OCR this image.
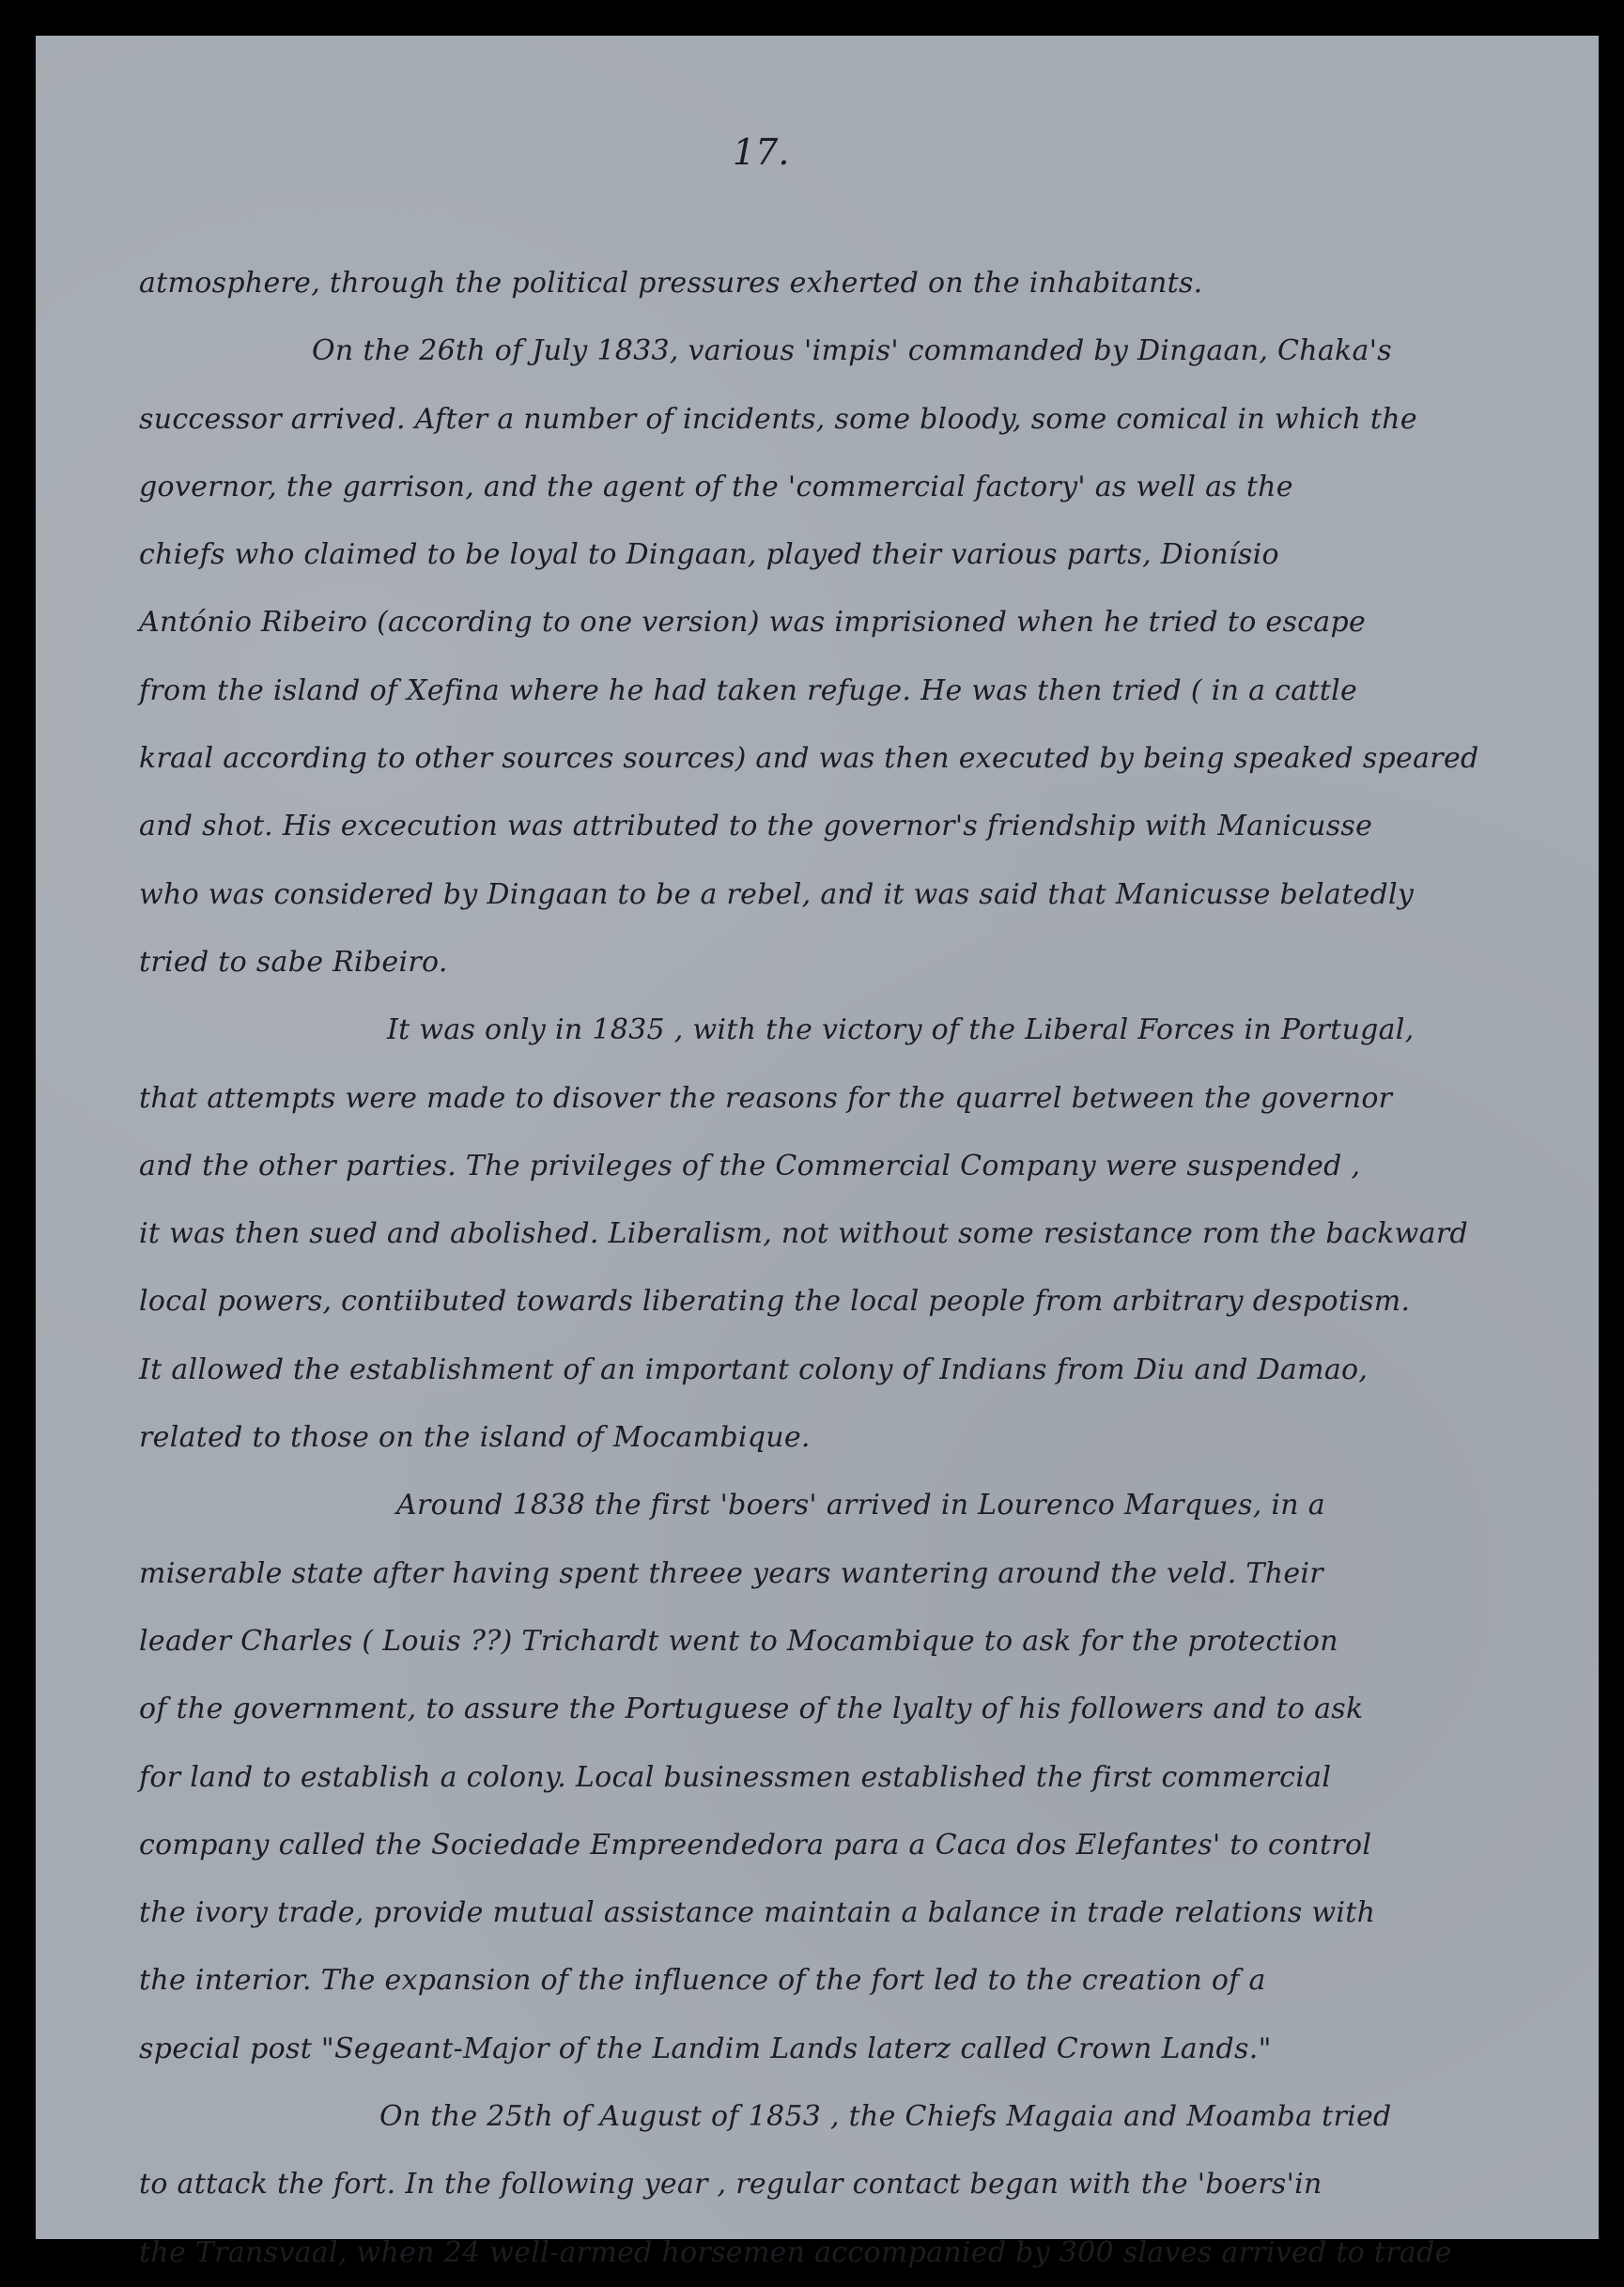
17.

atmosphere, through the political pressures exherted on the inhabitants.
On the 26th of July 1833, various 'impis' commanded by Dingaan, Chaka's
successor arrived. After a number of incidents, some bloody, some comical in which the
governor, the garrison, and the agent of the 'commercial factory' as well as the
chiefs who claimed to be loyal to Dingaan, played their various parts, Dionísio
António Ribeiro (according to one version) was imprisioned when he tried to escape
from the island of Xefina where he had taken refuge. He was then tried ( in a cattle
kraal according to other sources sources) and was then executed by being speaked speared
and shot. His excecution was attributed to the governor's friendship with Manicusse
who was considered by Dingaan to be a rebel, and it was said that Manicusse belatedly
tried to sabe Ribeiro.
It was only in 1835 , with the victory of the Liberal Forces in Portugal,
that attempts were made to disover the reasons for the quarrel between the governor
and the other parties. The privileges of the Commercial Company were suspended ,
it was then sued and abolished. Liberalism, not without some resistance rom the backward
local powers, contiibuted towards liberating the local people from arbitrary despotism.
It allowed the establishment of an important colony of Indians from Diu and Damao,
related to those on the island of Mocambique.
Around 1838 the first 'boers' arrived in Lourenco Marques, in a
miserable state after having spent threee years wantering around the veld. Their
leader Charles ( Louis ??) Trichardt went to Mocambique to ask for the protection
of the government, to assure the Portuguese of the lyalty of his followers and to ask
for land to establish a colony. Local businessmen established the first commercial
company called the Sociedade Empreendedora para a Caca dos Elefantes' to control
the ivory trade, provide mutual assistance maintain a balance in trade relations with
the interior. The expansion of the influence of the fort led to the creation of a
special post "Segeant-Major of the Landim Lands laterz called Crown Lands."
On the 25th of August of 1853 , the Chiefs Magaia and Moamba tried
to attack the fort. In the following year , regular contact began with the 'boers'in
the Transvaal, when 24 well-armed horsemen accompanied by 300 slaves arrived to trade
